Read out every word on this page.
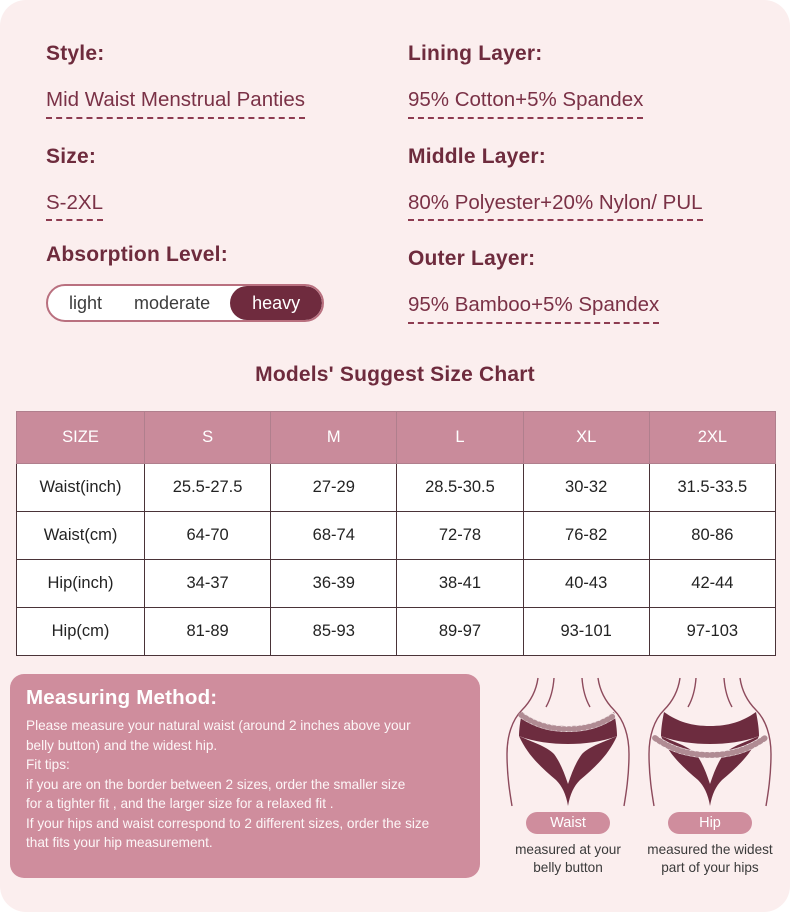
Style:
Mid Waist Menstrual Panties
Size:
S-2XL
Absorption Level:
light	moderate	heavy
Lining Layer:
95% Cotton+5% Spandex
Middle Layer:
80% Polyester+20% Nylon/ PUL
Outer Layer:
95% Bamboo+5% Spandex
Models' Suggest Size Chart
SIZE	S	M	L	XL	2XL
Waist(inch)	25.5-27.5	27-29	28.5-30.5	30-32	31.5-33.5
Waist(cm)	64-70	68-74	72-78	76-82	80-86
Hip(inch)	34-37	36-39	38-41	40-43	42-44
Hip(cm)	81-89	85-93	89-97	93-101	97-103
Measuring Method:
Please measure your natural waist (around 2 inches above your
belly button) and the widest hip.
Fit tips:
if you are on the border between 2 sizes, order the smaller size
for a tighter fit , and the larger size for a relaxed fit .
If your hips and waist correspond to 2 different sizes, order the size
that fits your hip measurement.
Waist
measured at your
belly button
Hip
measured the widest
part of your hips
